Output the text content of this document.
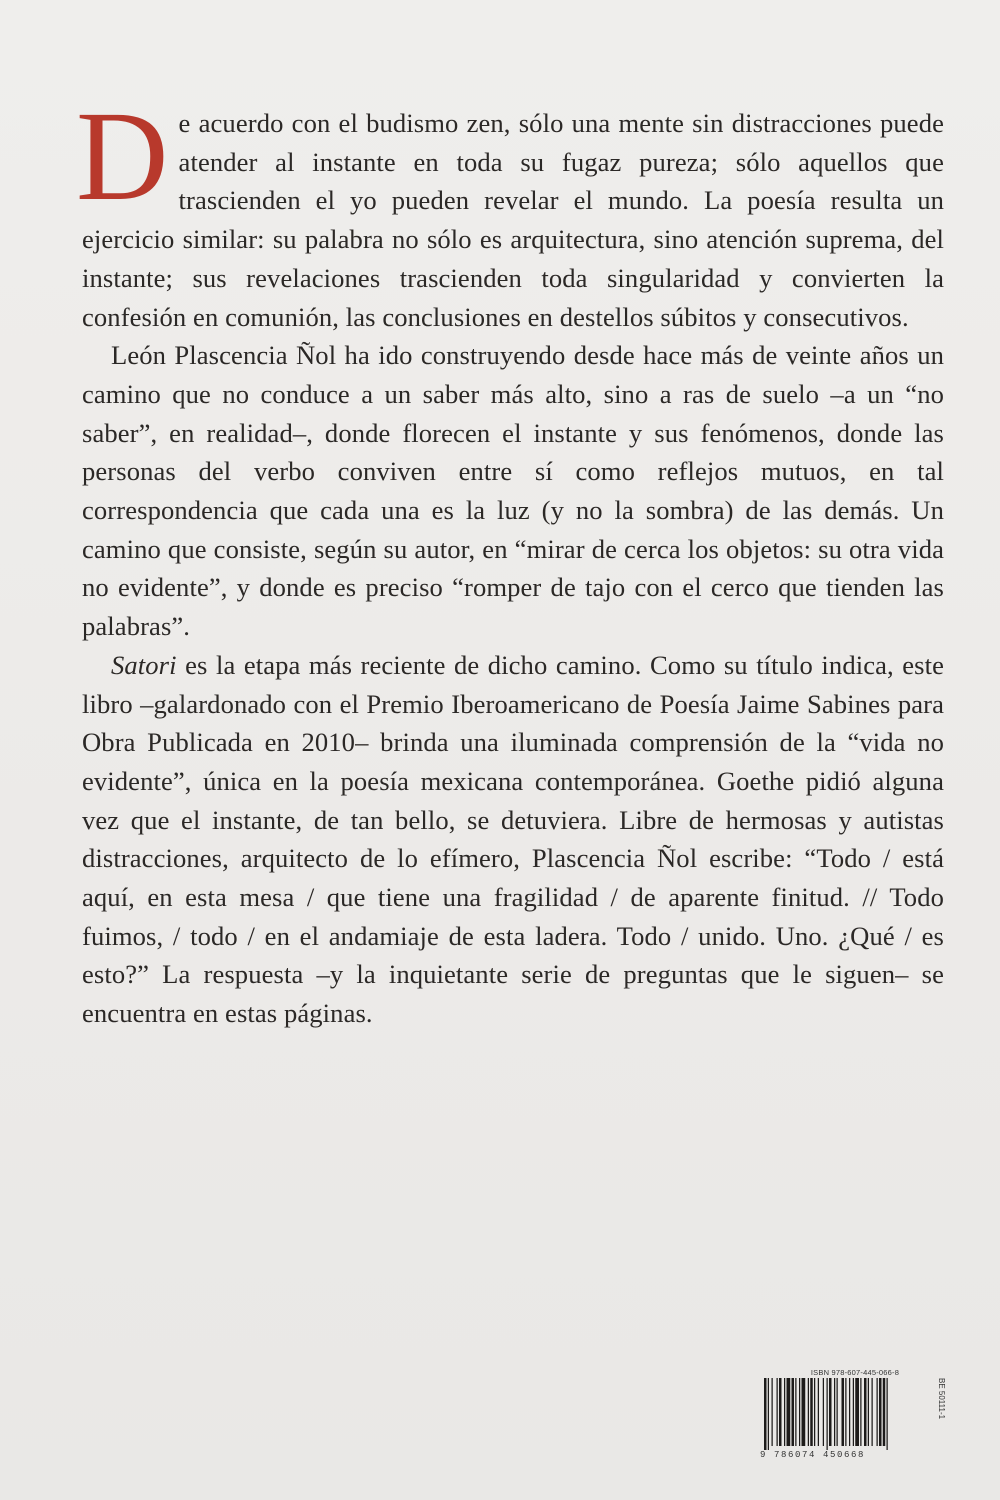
De acuerdo con el budismo zen, sólo una mente sin distracciones puede atender al instante en toda su fugaz pureza; sólo aquellos que trascienden el yo pueden revelar el mundo. La poesía resulta un ejercicio similar: su palabra no sólo es arquitectura, sino atención suprema, del instante; sus revelaciones trascienden toda singularidad y convierten la confesión en comunión, las conclusiones en destellos súbitos y consecutivos.

León Plascencia Ñol ha ido construyendo desde hace más de veinte años un camino que no conduce a un saber más alto, sino a ras de suelo –a un “no saber”, en realidad–, donde florecen el instante y sus fenómenos, donde las personas del verbo conviven entre sí como reflejos mutuos, en tal correspondencia que cada una es la luz (y no la sombra) de las demás. Un camino que consiste, según su autor, en “mirar de cerca los objetos: su otra vida no evidente”, y donde es preciso “romper de tajo con el cerco que tienden las palabras”.

Satori es la etapa más reciente de dicho camino. Como su título indica, este libro –galardonado con el Premio Iberoamericano de Poesía Jaime Sabines para Obra Publicada en 2010– brinda una iluminada comprensión de la “vida no evidente”, única en la poesía mexicana contemporánea. Goethe pidió alguna vez que el instante, de tan bello, se detuviera. Libre de hermosas y autistas distracciones, arquitecto de lo efímero, Plascencia Ñol escribe: “Todo / está aquí, en esta mesa / que tiene una fragilidad / de aparente finitud. // Todo fuimos, / todo / en el andamiaje de esta ladera. Todo / unido. Uno. ¿Qué / es esto?” La respuesta –y la inquietante serie de preguntas que le siguen– se encuentra en estas páginas.

ISBN 978-607-445-066-8
9 786074 450668
BE 50111-1
